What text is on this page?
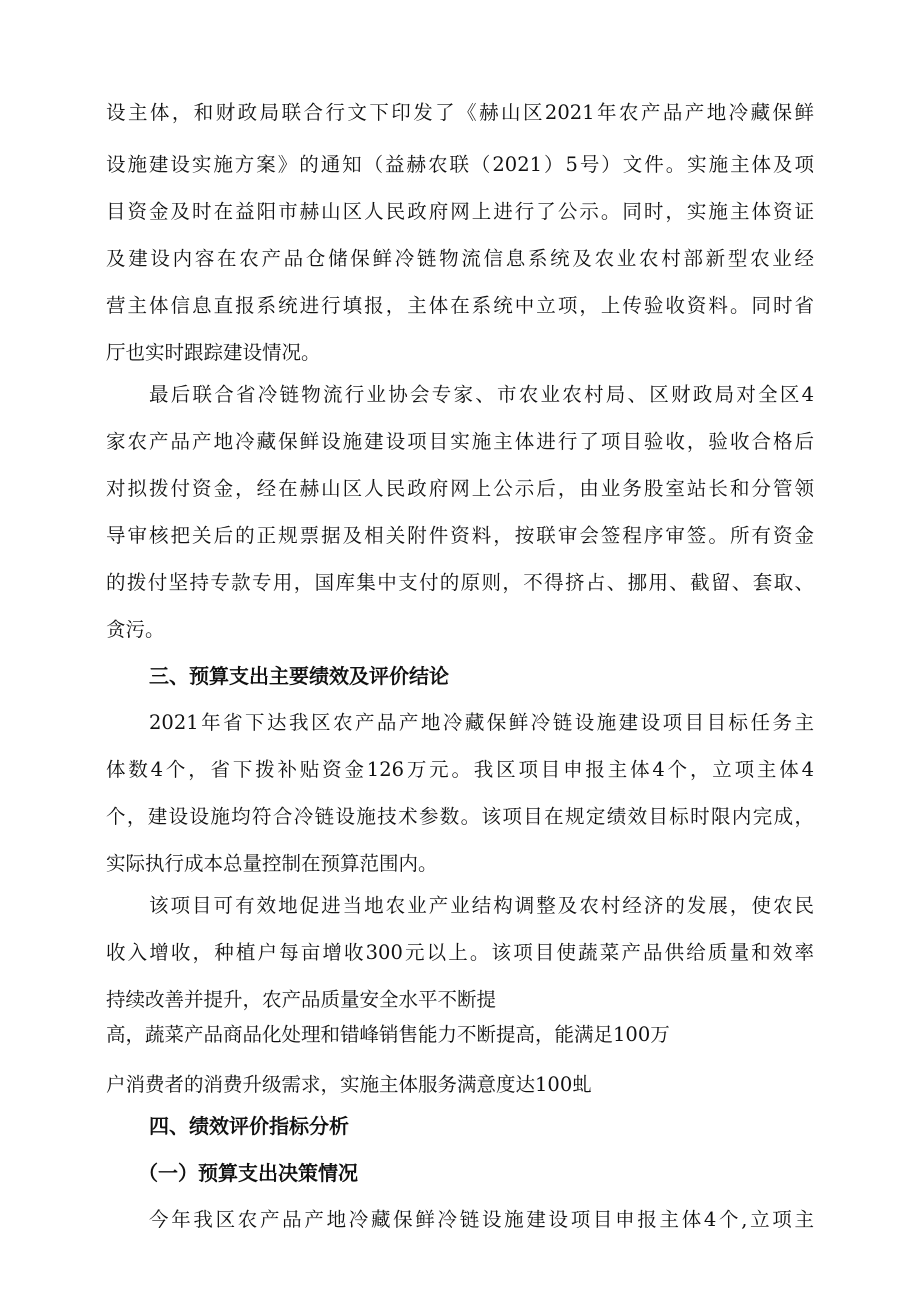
设主体，和财政局联合行文下印发了《赫山区2021年农产品产地冷藏保鲜
设施建设实施方案》的通知（益赫农联（2021）5号）文件。实施主体及项
目资金及时在益阳市赫山区人民政府网上进行了公示。同时，实施主体资证
及建设内容在农产品仓储保鲜冷链物流信息系统及农业农村部新型农业经
营主体信息直报系统进行填报，主体在系统中立项，上传验收资料。同时省
厅也实时跟踪建设情况。
最后联合省冷链物流行业协会专家、市农业农村局、区财政局对全区4
家农产品产地冷藏保鲜设施建设项目实施主体进行了项目验收，验收合格后
对拟拨付资金，经在赫山区人民政府网上公示后，由业务股室站长和分管领
导审核把关后的正规票据及相关附件资料，按联审会签程序审签。所有资金
的拨付坚持专款专用，国库集中支付的原则，不得挤占、挪用、截留、套取、
贪污。
三、预算支出主要绩效及评价结论
2021年省下达我区农产品产地冷藏保鲜冷链设施建设项目目标任务主
体数4个，省下拨补贴资金126万元。我区项目申报主体4个，立项主体4
个，建设设施均符合冷链设施技术参数。该项目在规定绩效目标时限内完成，
实际执行成本总量控制在预算范围内。
该项目可有效地促进当地农业产业结构调整及农村经济的发展，使农民
收入增收，种植户每亩增收300元以上。该项目使蔬菜产品供给质量和效率
持续改善并提升，农产品质量安全水平不断提
高，蔬菜产品商品化处理和错峰销售能力不断提高，能满足100万
户消费者的消费升级需求，实施主体服务满意度达100虬
四、绩效评价指标分析
（一）预算支出决策情况
今年我区农产品产地冷藏保鲜冷链设施建设项目申报主体4个,立项主
